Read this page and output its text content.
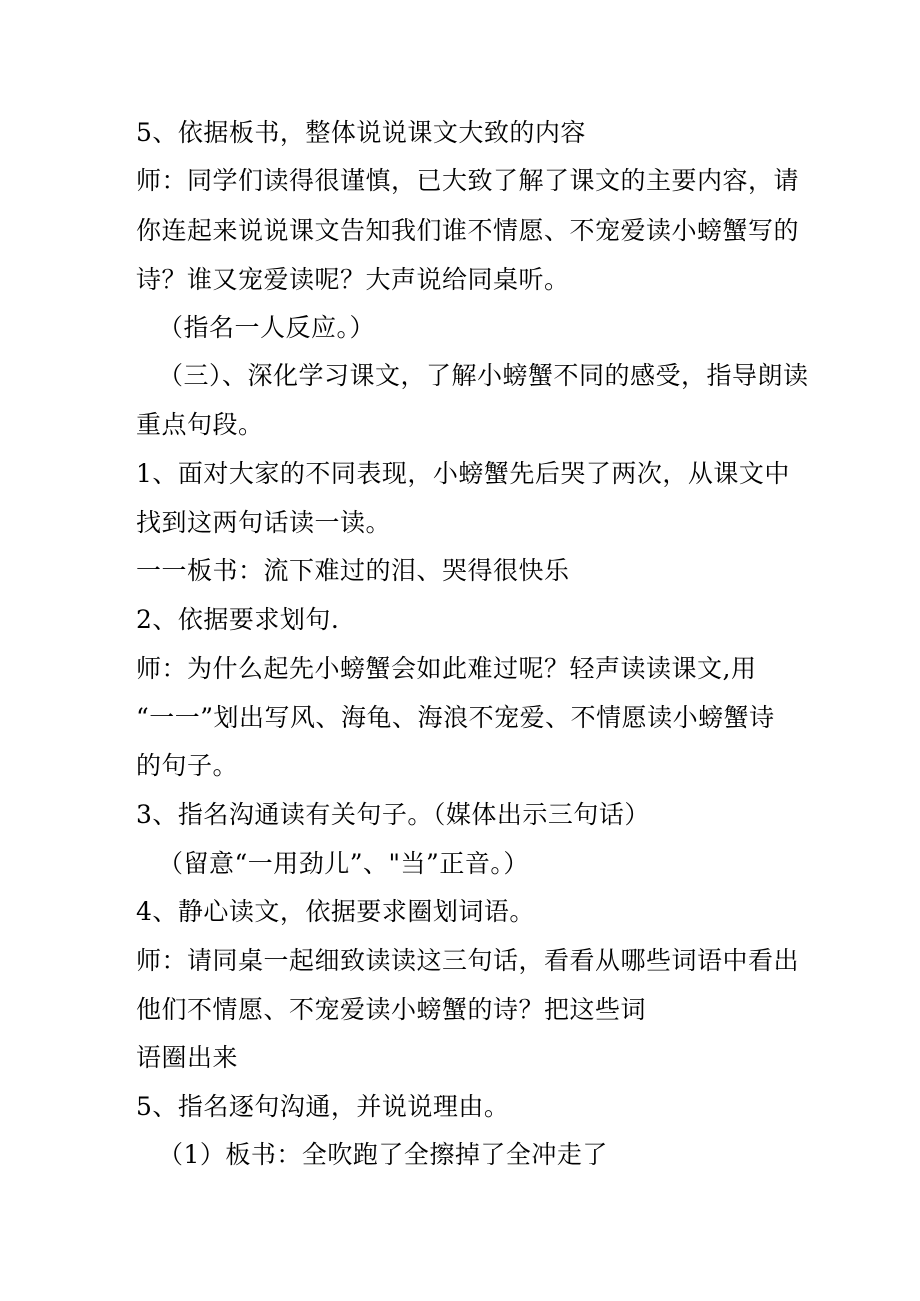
5、依据板书，整体说说课文大致的内容
师：同学们读得很谨慎，已大致了解了课文的主要内容，请
你连起来说说课文告知我们谁不情愿、不宠爱读小螃蟹写的
诗？谁又宠爱读呢？大声说给同桌听。
（指名一人反应。）
（三）、深化学习课文，了解小螃蟹不同的感受，指导朗读
重点句段。
1、面对大家的不同表现，小螃蟹先后哭了两次，从课文中
找到这两句话读一读。
一一板书：流下难过的泪、哭得很快乐
2、依据要求划句.
师：为什么起先小螃蟹会如此难过呢？轻声读读课文,用
“一一”划出写风、海龟、海浪不宠爱、不情愿读小螃蟹诗
的句子。
3、指名沟通读有关句子。（媒体出示三句话）
（留意“一用劲儿”、"当”正音。）
4、静心读文，依据要求圈划词语。
师：请同桌一起细致读读这三句话，看看从哪些词语中看出
他们不情愿、不宠爱读小螃蟹的诗？把这些词
语圈出来
5、指名逐句沟通，并说说理由。
（1）板书：全吹跑了全擦掉了全冲走了
